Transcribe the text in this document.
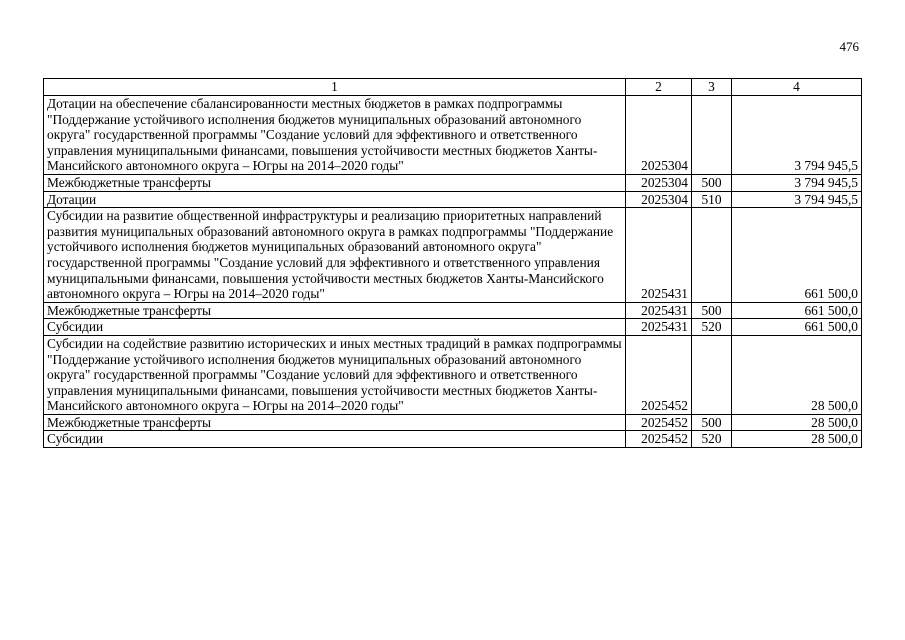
476
1	2	3	4
Дотации на обеспечение сбалансированности местных бюджетов в рамках подпрограммы "Поддержание устойчивого исполнения бюджетов муниципальных образований автономного округа" государственной программы "Создание условий для эффективного и ответственного управления муниципальными финансами, повышения устойчивости местных бюджетов Ханты-Мансийского автономного округа – Югры на 2014–2020 годы"	2025304		3 794 945,5
Межбюджетные трансферты	2025304	500	3 794 945,5
Дотации	2025304	510	3 794 945,5
Субсидии на развитие общественной инфраструктуры и реализацию приоритетных направлений развития муниципальных образований автономного округа в рамках подпрограммы "Поддержание устойчивого исполнения бюджетов муниципальных образований автономного округа" государственной программы "Создание условий для эффективного и ответственного управления муниципальными финансами, повышения устойчивости местных бюджетов Ханты-Мансийского автономного округа – Югры на 2014–2020 годы"	2025431		661 500,0
Межбюджетные трансферты	2025431	500	661 500,0
Субсидии	2025431	520	661 500,0
Субсидии на содействие развитию исторических и иных местных традиций в рамках подпрограммы "Поддержание устойчивого исполнения бюджетов муниципальных образований автономного округа" государственной программы "Создание условий для эффективного и ответственного управления муниципальными финансами, повышения устойчивости местных бюджетов Ханты-Мансийского автономного округа – Югры на 2014–2020 годы"	2025452		28 500,0
Межбюджетные трансферты	2025452	500	28 500,0
Субсидии	2025452	520	28 500,0
